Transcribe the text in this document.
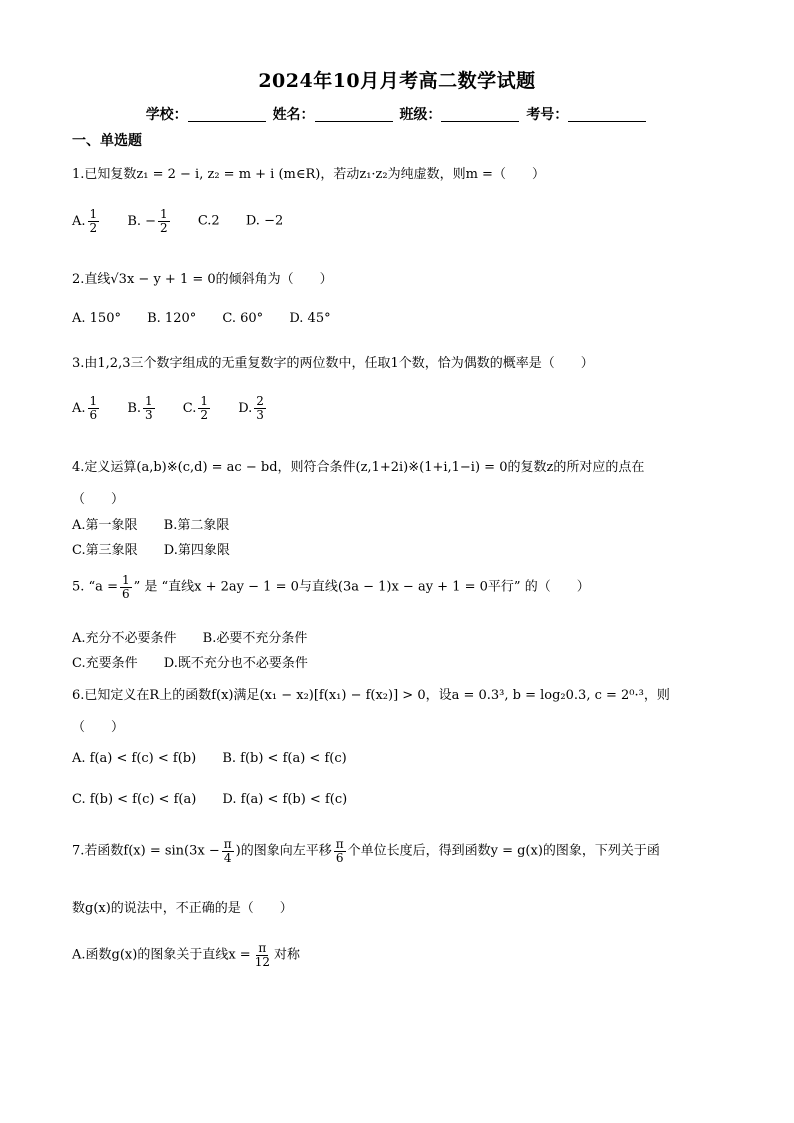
2024年10月月考高二数学试题
学校：	姓名：	班级：	考号：
一、单选题
1.已知复数z₁ = 2 − i, z₂ = m + i (m∈R)，若动z₁·z₂为纯虚数，则m =（　　）
A. $\frac{1}{2} B$. − $\frac{1}{2} C.2$ D. −2
2.直线√3x − y + 1 = 0的倾斜角为（　　）
A. 150° B. 120° C. 60° D. 45°
3.由1,2,3三个数字组成的无重复数字的两位数中，任取1个数，恰为偶数的概率是（　　）
A. $\frac{1}{6} B$. $\frac{1}{3} C$. $\frac{1}{2} D$. $\frac{2}{3}$
4.定义运算(a,b)※(c,d) = ac − bd，则符合条件(z,1+2i)※(1+i,1−i) = 0的复数z的所对应的点在
（　　）
A.第一象限 B.第二象限
C.第三象限 D.第四象限
5. “$a = \frac{1}{6}$ ” 是 “直线x + 2ay − 1 = 0与直线(3a − 1)x − ay + 1 = 0平行” 的（　　）
A.充分不必要条件 B.必要不充分条件
C.充要条件 D.既不充分也不必要条件
6.已知定义在R上的函数f(x)满足(x₁ − x₂)[f(x₁) − f(x₂)] > 0，设a = 0.3³, b = log₂0.3, c = 2⁰·³，则
（　　）
A. f(a) < f(c) < f(b) B. f(b) < f(a) < f(c)
C. f(b) < f(c) < f(a) D. f(a) < f(b) < f(c)
7.若函数$f(x) = \sin(3x - \frac{\pi}{4}$ )的图象向左平移 $\frac{\pi}{6}$ 个单位长度后，得到函数y = g(x)的图象，下列关于函
数g(x)的说法中，不正确的是（　　）
A.函数g(x)的图象关于直线$x = \frac{\pi}{12}$ 对称
